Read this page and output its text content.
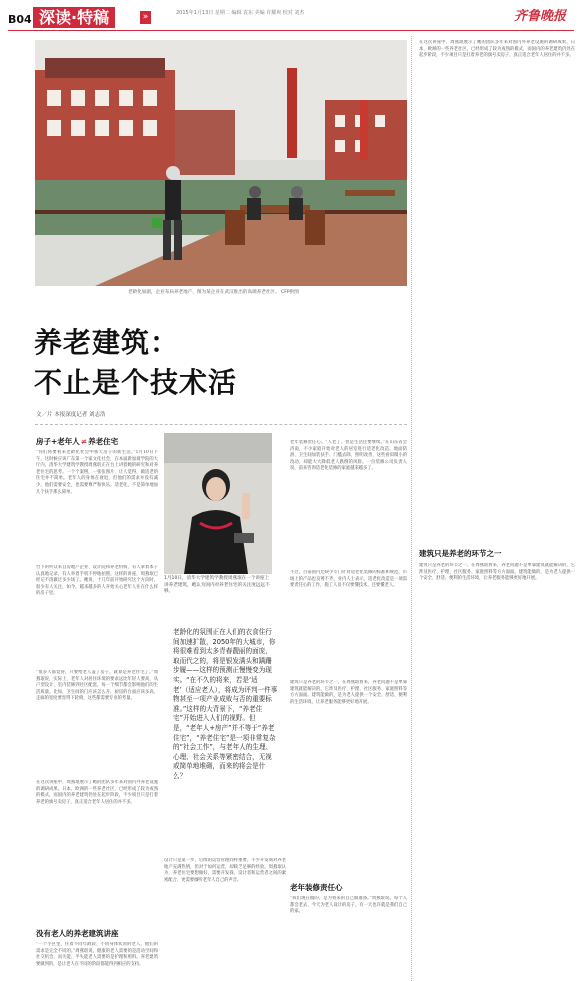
B04 深读·特稿	»	2015年1月13日 星期二 编辑 袁东 美编 许耀爽 校对 刘杰	齐鲁晚报
老龄化加剧，企业布局养老地产，图为某企业在武汉推出的高端养老社区。 CFP供图
养老建筑：
不止是个技术活
文／片 本报深度记者 刘志浩
房子+老年人≠养老住宅
“你们将要看来老龄化社会中那天房子的新生活。”1月10日下午，这时候应该广东第一个家文化社会，在本届新加坡学院的大厅内，清华大学建筑学教授周燕珉正在台上讲着她的研究和对养老住宅的思考。一个个案例，一张张图片，让人觉得，做适老的住宅并不简单。老年人的身体在衰退，但他们的需求并没有减少，他们需要安全，也需要尊严和快乐。适老化，不是简单地加几个扶手那么简单。
台下的听众来自房地产企业、设计院和养老机构，有人拿着本子认真地记录，有人举着手机不停地拍照。这样的讲座，周燕珉已经记不清做过多少场了。她说，十几年前开始研究这个方向时，很少有人关注，如今，越来越多的人开始关心老年人住在什么样的房子里。
“很多人都觉得，只要给老人盖了房子，就算是养老住宅了。”周燕珉说，实际上，老年人对居住环境的要求远比年轻人要高，从户型设计、室内装修到社区配套，每一个细节都会影响他们的生活质量。比如，卫生间的门应该怎么开，厨房的台面应该多高，走廊的宽度要容得下轮椅，这些都需要专业的考量。
在这次讲座中，周燕珉展示了她的团队多年来对国内外养老设施的调研成果。日本、欧洲的一些养老社区，已经形成了较为成熟的模式，而国内的养老建筑仍处在起步阶段，不少项目只是打着养老的旗号卖房子，真正适合老年人居住的并不多。
没有老人的养老建筑讲座
“一个小区里，住着不同年龄段、不同身体状况的老人，他们的需求是完全不同的。”周燕珉说，健康的老人需要的是活动空间和社交机会，而失能、半失能老人需要的是护理和照料。养老建筑要做到的，是让老人在不同的阶段都能得到相应的支持。
1月10日，清华大学建筑学教授周燕珉在一个讲座上讲养老建筑，她认为国内对养老住宅的关注度远远不够。
老龄化的氛围正在人们的衣食住行间加速扩散，2050年的大城市，你将很难看到太多青春靓丽的面庞，取而代之的，将是银发满头和蹒跚步履——这样的预测正慢慢变为现实。“在不久的将来，若是‘适老’（适应老人），将成为评判一件事物甚至一项产业成败与否的重要标准。”这样的大背景下，“养老住宅”开始进入人们的视野。但是，“老年人+房产”并不等于“养老住宅”，“养老住宅”是一项非常复杂的“社会工作”，与老年人的生理、心理、社会关系等紧密结合，无视或简单地堆砌，而来的将会是什么？
设计只是第一步，后续的运营管理同样重要。不少开发商对养老地产充满热情，但对于如何运营，却缺乏足够的经验。周燕珉认为，养老住宅要想做好，需要开发商、设计者和运营者之间的紧密配合，更需要倾听老年人自己的声音。
老年装修责任心。“人老了，但是生活还要继续。”在山东省会济南，不少家庭开始对老人的居室进行适老化改造。地面防滑、卫生间加装扶手、门槛去除、照明改善，这些看似微小的改动，却能大大降低老人跌倒的风险。一位装修公司负责人说，前来咨询适老化装修的家庭越来越多了。
不过，目前国内还缺少专门针对适老化装修的标准和规范，市场上的产品也良莠不齐。业内人士表示，适老化改造是一项需要责任心的工作，施工人员不仅要懂技术，还要懂老人。
建筑只是养老的环节之一。在周燕珉看来，养老问题不是单靠建筑就能解决的，它涉及医疗、护理、社区服务、家庭照料等方方面面。建筑能做的，是为老人提供一个安全、舒适、便利的生活环境，让养老服务能够更好地开展。
老年装修责任心
“我们现在做的，是为将来的自己做准备。”周燕珉说。每个人都会老去，今天为老人设计的房子，有一天也许就是我们自己的家。
在这次讲座中，周燕珉展示了她的团队多年来对国内外养老设施的调研成果。日本、欧洲的一些养老社区，已经形成了较为成熟的模式，而国内的养老建筑仍处在起步阶段，不少项目只是打着养老的旗号卖房子，真正适合老年人居住的并不多。
建筑只是养老的环节之一
建筑只是养老的环节之一。在周燕珉看来，养老问题不是单靠建筑就能解决的，它涉及医疗、护理、社区服务、家庭照料等方方面面。建筑能做的，是为老人提供一个安全、舒适、便利的生活环境，让养老服务能够更好地开展。
